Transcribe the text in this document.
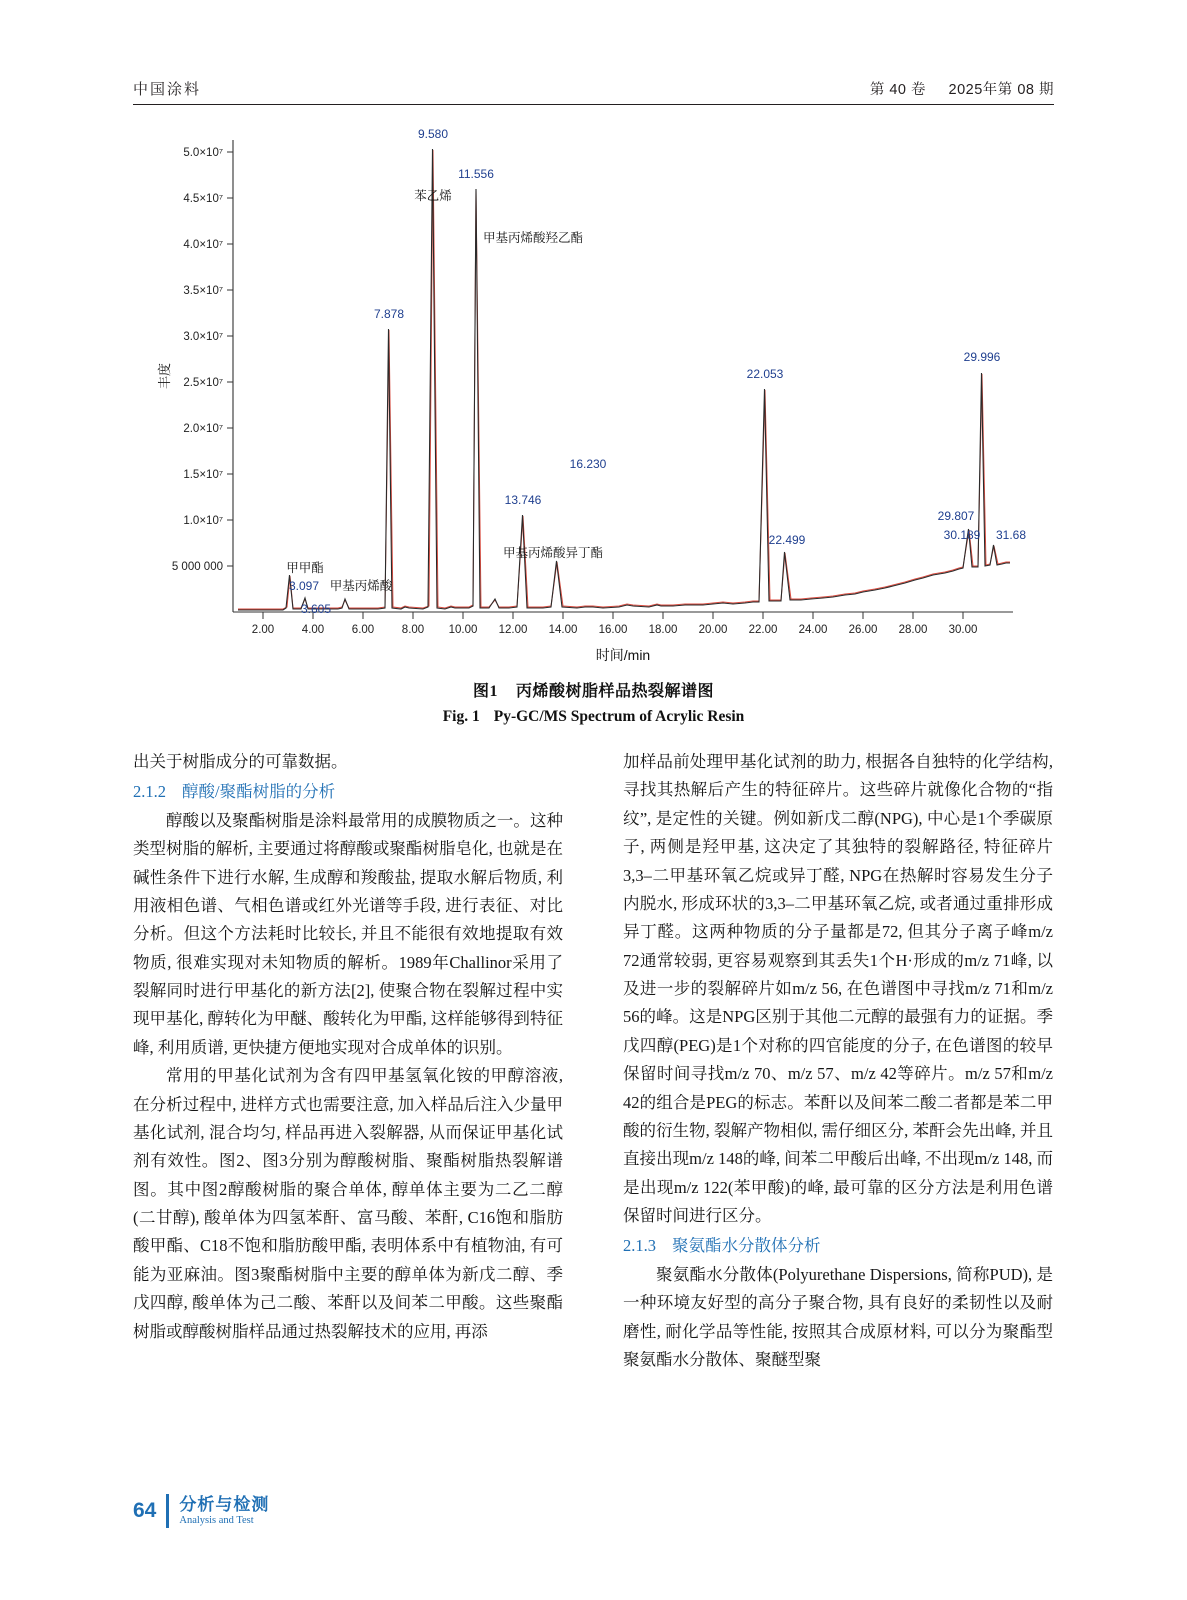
中国涂料	第 40 卷 2025年第 08 期
5 000 000
1.0×10⁷
1.5×10⁷
2.0×10⁷
2.5×10⁷
3.0×10⁷
3.5×10⁷
4.0×10⁷
4.5×10⁷
5.0×10⁷
丰度
2.00 4.00 6.00 8.00 10.00 12.00 14.00 16.00 18.00 20.00 22.00 24.00 26.00 28.00 30.00
时间/min
3.097
3.605
7.878
9.580
11.556
13.746
16.230
22.053
22.499
29.807
29.996
30.189 31.68
甲甲酯
甲基丙烯酸
苯乙烯
甲基丙烯酸羟乙酯
甲基丙烯酸异丁酯
图1 丙烯酸树脂样品热裂解谱图
Fig. 1 Py-GC/MS Spectrum of Acrylic Resin

出关于树脂成分的可靠数据。

2.1.2 醇酸/聚酯树脂的分析

醇酸以及聚酯树脂是涂料最常用的成膜物质之一。这种类型树脂的解析, 主要通过将醇酸或聚酯树脂皂化, 也就是在碱性条件下进行水解, 生成醇和羧酸盐, 提取水解后物质, 利用液相色谱、气相色谱或红外光谱等手段, 进行表征、对比分析。但这个方法耗时比较长, 并且不能很有效地提取有效物质, 很难实现对未知物质的解析。1989年Challinor采用了裂解同时进行甲基化的新方法[2], 使聚合物在裂解过程中实现甲基化, 醇转化为甲醚、酸转化为甲酯, 这样能够得到特征峰, 利用质谱, 更快捷方便地实现对合成单体的识别。

常用的甲基化试剂为含有四甲基氢氧化铵的甲醇溶液, 在分析过程中, 进样方式也需要注意, 加入样品后注入少量甲基化试剂, 混合均匀, 样品再进入裂解器, 从而保证甲基化试剂有效性。图2、图3分别为醇酸树脂、聚酯树脂热裂解谱图。其中图2醇酸树脂的聚合单体, 醇单体主要为二乙二醇(二甘醇), 酸单体为四氢苯酐、富马酸、苯酐, C16饱和脂肪酸甲酯、C18不饱和脂肪酸甲酯, 表明体系中有植物油, 有可能为亚麻油。图3聚酯树脂中主要的醇单体为新戊二醇、季戊四醇, 酸单体为己二酸、苯酐以及间苯二甲酸。这些聚酯树脂或醇酸树脂样品通过热裂解技术的应用, 再添

加样品前处理甲基化试剂的助力, 根据各自独特的化学结构, 寻找其热解后产生的特征碎片。这些碎片就像化合物的“指纹”, 是定性的关键。例如新戊二醇(NPG), 中心是1个季碳原子, 两侧是羟甲基, 这决定了其独特的裂解路径, 特征碎片3,3–二甲基环氧乙烷或异丁醛, NPG在热解时容易发生分子内脱水, 形成环状的3,3–二甲基环氧乙烷, 或者通过重排形成异丁醛。这两种物质的分子量都是72, 但其分子离子峰m/z 72通常较弱, 更容易观察到其丢失1个H·形成的m/z 71峰, 以及进一步的裂解碎片如m/z 56, 在色谱图中寻找m/z 71和m/z 56的峰。这是NPG区别于其他二元醇的最强有力的证据。季戊四醇(PEG)是1个对称的四官能度的分子, 在色谱图的较早保留时间寻找m/z 70、m/z 57、m/z 42等碎片。m/z 57和m/z 42的组合是PEG的标志。苯酐以及间苯二酸二者都是苯二甲酸的衍生物, 裂解产物相似, 需仔细区分, 苯酐会先出峰, 并且直接出现m/z 148的峰, 间苯二甲酸后出峰, 不出现m/z 148, 而是出现m/z 122(苯甲酸)的峰, 最可靠的区分方法是利用色谱保留时间进行区分。

2.1.3 聚氨酯水分散体分析

聚氨酯水分散体(Polyurethane Dispersions, 简称PUD), 是一种环境友好型的高分子聚合物, 具有良好的柔韧性以及耐磨性, 耐化学品等性能, 按照其合成原材料, 可以分为聚酯型聚氨酯水分散体、聚醚型聚

64 分析与检测
Analysis and Test
